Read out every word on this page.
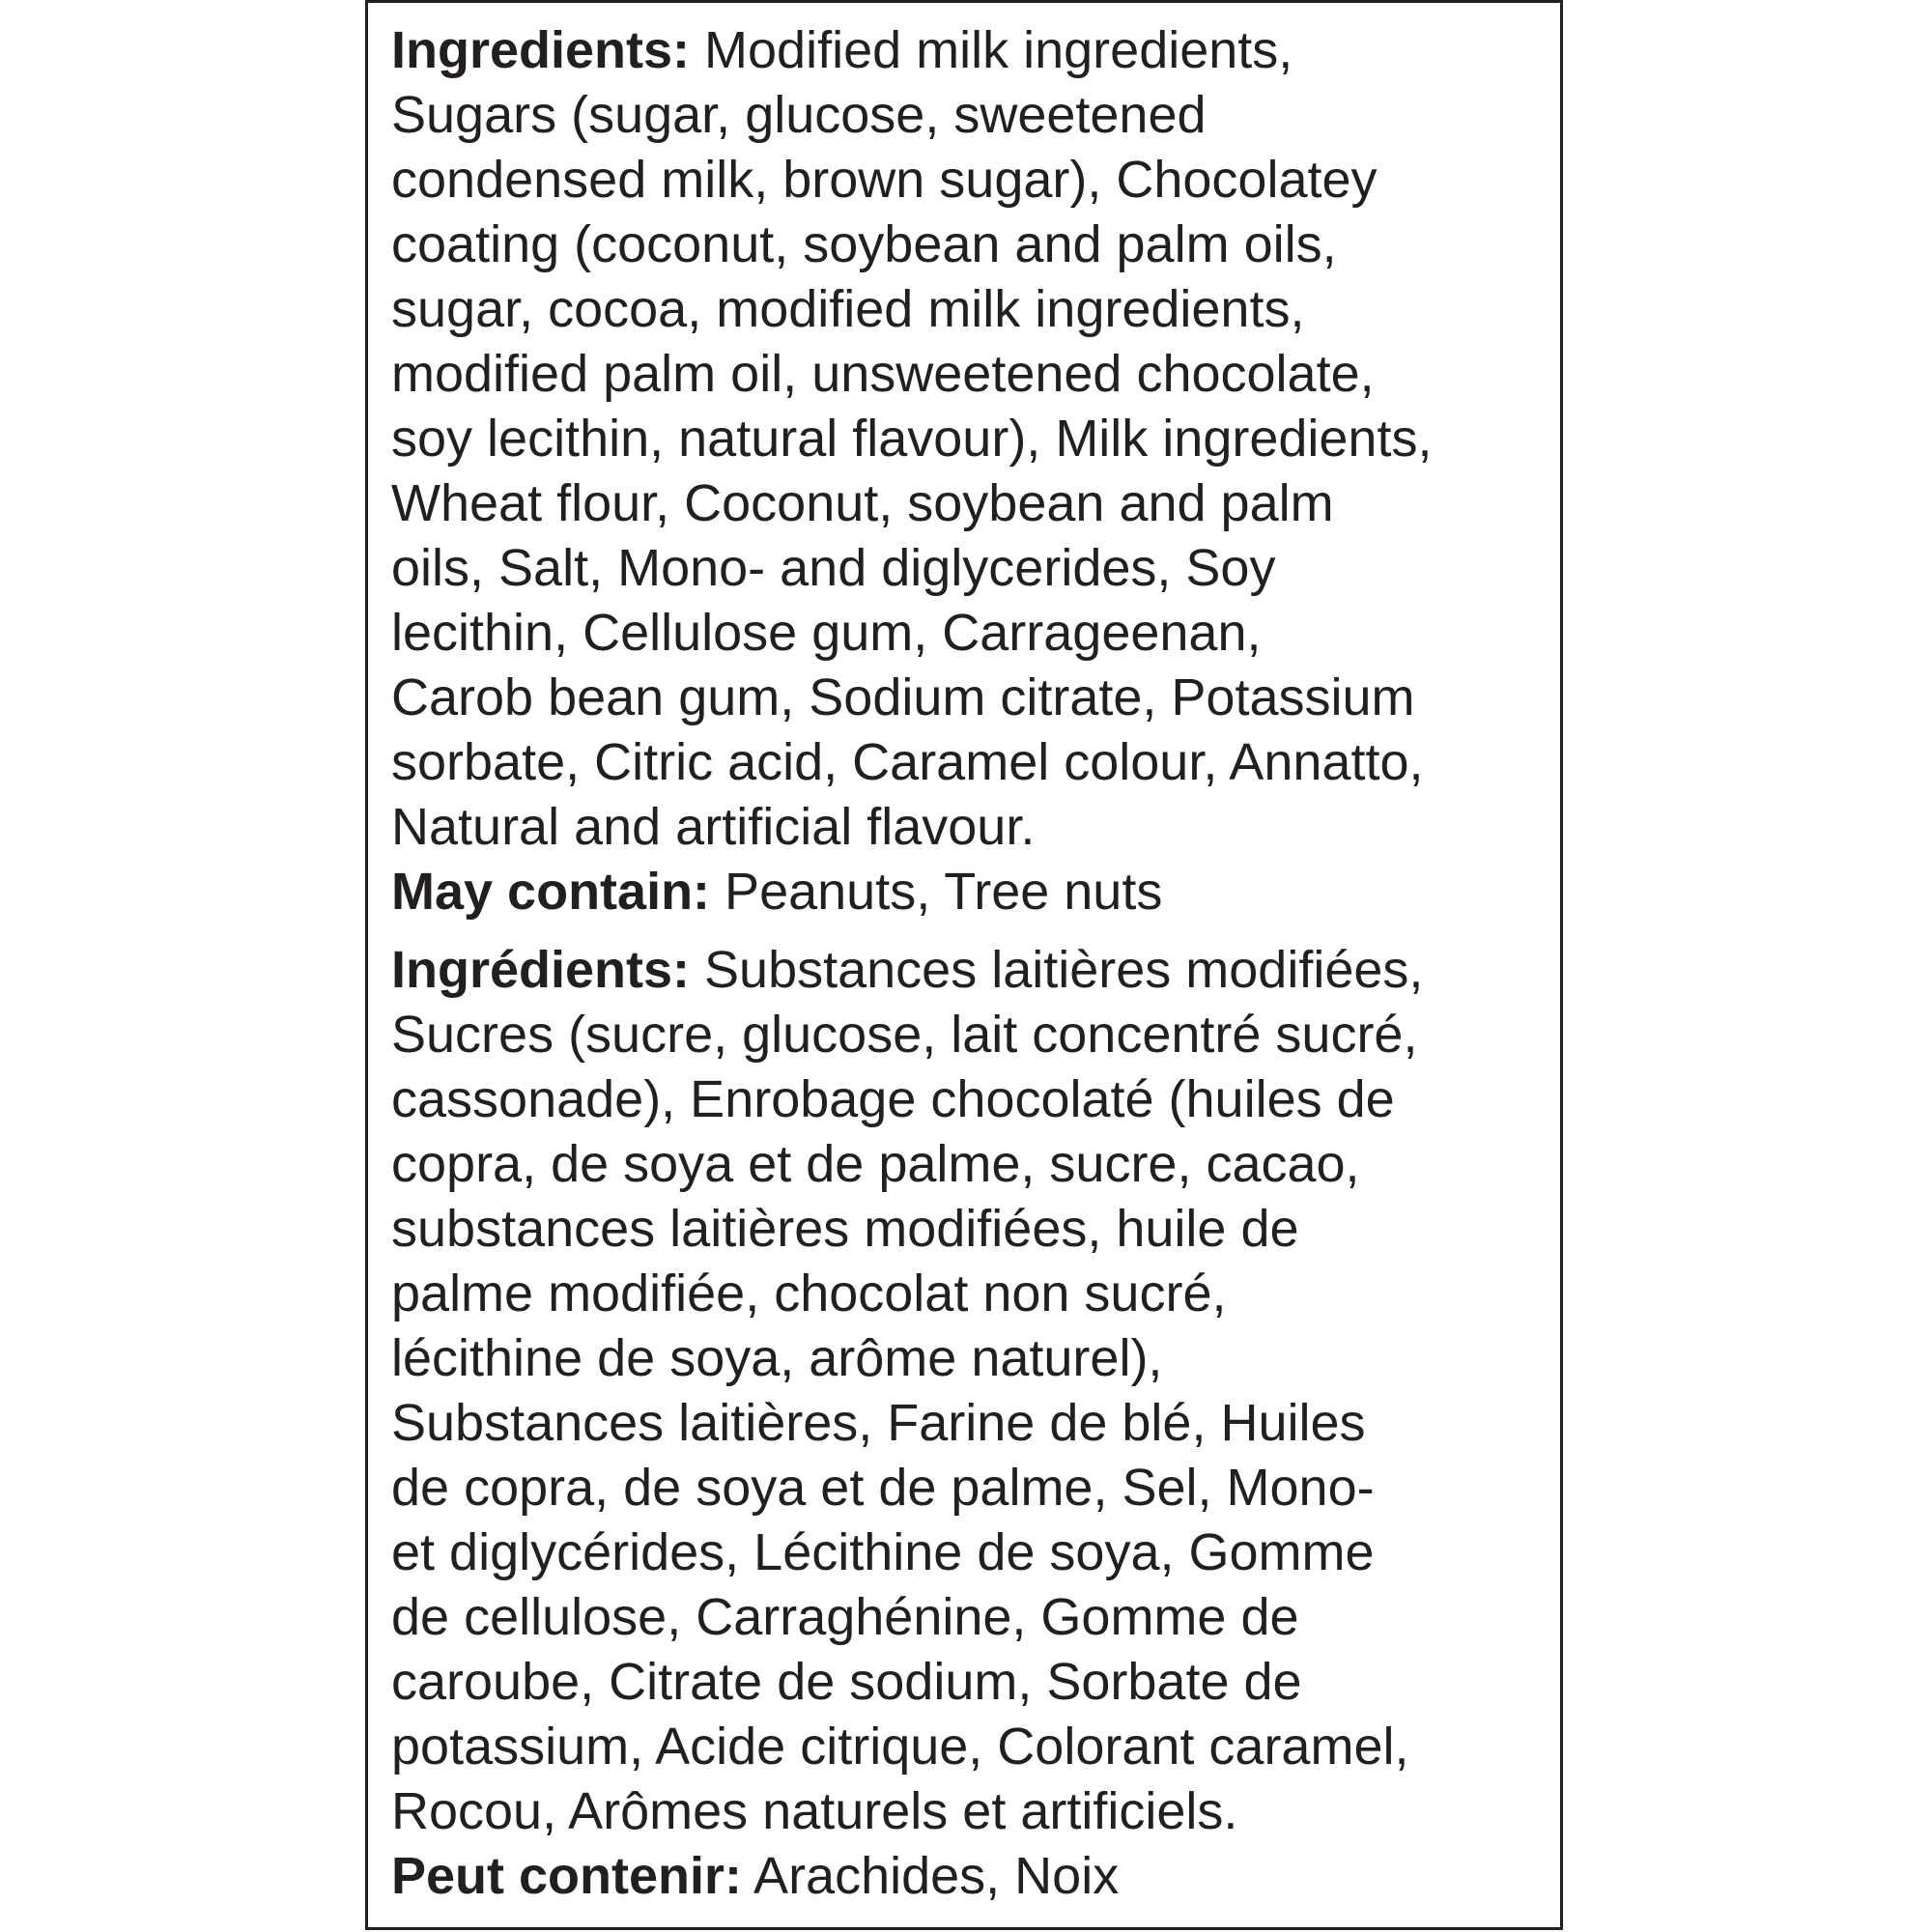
Ingredients: Modified milk ingredients,
Sugars (sugar, glucose, sweetened
condensed milk, brown sugar), Chocolatey
coating (coconut, soybean and palm oils,
sugar, cocoa, modified milk ingredients,
modified palm oil, unsweetened chocolate,
soy lecithin, natural flavour), Milk ingredients,
Wheat flour, Coconut, soybean and palm
oils, Salt, Mono- and diglycerides, Soy
lecithin, Cellulose gum, Carrageenan,
Carob bean gum, Sodium citrate, Potassium
sorbate, Citric acid, Caramel colour, Annatto,
Natural and artificial flavour.
May contain: Peanuts, Tree nuts
Ingrédients: Substances laitières modifiées,
Sucres (sucre, glucose, lait concentré sucré,
cassonade), Enrobage chocolaté (huiles de
copra, de soya et de palme, sucre, cacao,
substances laitières modifiées, huile de
palme modifiée, chocolat non sucré,
lécithine de soya, arôme naturel),
Substances laitières, Farine de blé, Huiles
de copra, de soya et de palme, Sel, Mono-
et diglycérides, Lécithine de soya, Gomme
de cellulose, Carraghénine, Gomme de
caroube, Citrate de sodium, Sorbate de
potassium, Acide citrique, Colorant caramel,
Rocou, Arômes naturels et artificiels.
Peut contenir: Arachides, Noix
